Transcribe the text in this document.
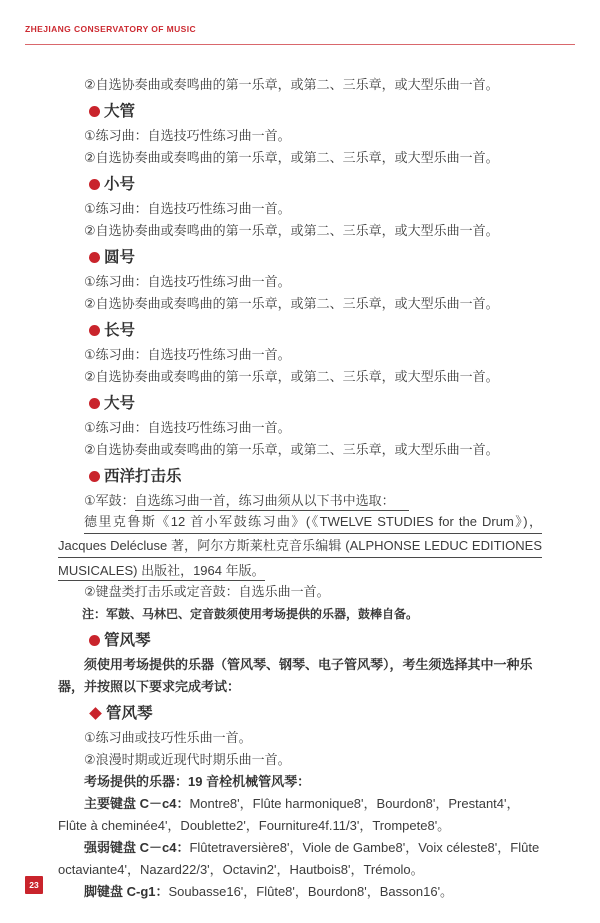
ZHEJIANG CONSERVATORY OF MUSIC
②自选协奏曲或奏鸣曲的第一乐章，或第二、三乐章，或大型乐曲一首。
大管
①练习曲：自选技巧性练习曲一首。
②自选协奏曲或奏鸣曲的第一乐章，或第二、三乐章，或大型乐曲一首。
小号
①练习曲：自选技巧性练习曲一首。
②自选协奏曲或奏鸣曲的第一乐章，或第二、三乐章，或大型乐曲一首。
圆号
①练习曲：自选技巧性练习曲一首。
②自选协奏曲或奏鸣曲的第一乐章，或第二、三乐章，或大型乐曲一首。
长号
①练习曲：自选技巧性练习曲一首。
②自选协奏曲或奏鸣曲的第一乐章，或第二、三乐章，或大型乐曲一首。
大号
①练习曲：自选技巧性练习曲一首。
②自选协奏曲或奏鸣曲的第一乐章，或第二、三乐章，或大型乐曲一首。
西洋打击乐
①军鼓：自选练习曲一首，练习曲须从以下书中选取：
德里克鲁斯《12 首小军鼓练习曲》(《TWELVE STUDIES for the Drum》)，
Jacques Delécluse 著，阿尔方斯莱杜克音乐编辑 (ALPHONSE LEDUC EDITIONES
MUSICALES) 出版社，1964 年版。
②键盘类打击乐或定音鼓：自选乐曲一首。
注：军鼓、马林巴、定音鼓须使用考场提供的乐器，鼓棒自备。
管风琴
须使用考场提供的乐器（管风琴、钢琴、电子管风琴），考生须选择其中一种乐器，并按照以下要求完成考试：
管风琴
①练习曲或技巧性乐曲一首。
②浪漫时期或近现代时期乐曲一首。
考场提供的乐器：19 音栓机械管风琴：
主要键盘 C－c4：Montre8'，Flûte harmonique8'，Bourdon8'，Prestant4'，Flûte à cheminée4'，Doublette2'，Fourniture4f.11/3'，Trompete8'。
强弱键盘 C－c4：Flûtetraversière8'，Viole de Gambe8'，Voix céleste8'，Flûte octaviante4'，Nazard22/3'，Octavin2'，Hautbois8'，Trémolo。
脚键盘 C-g1：Soubasse16'，Flûte8'，Bourdon8'，Basson16'。
23
